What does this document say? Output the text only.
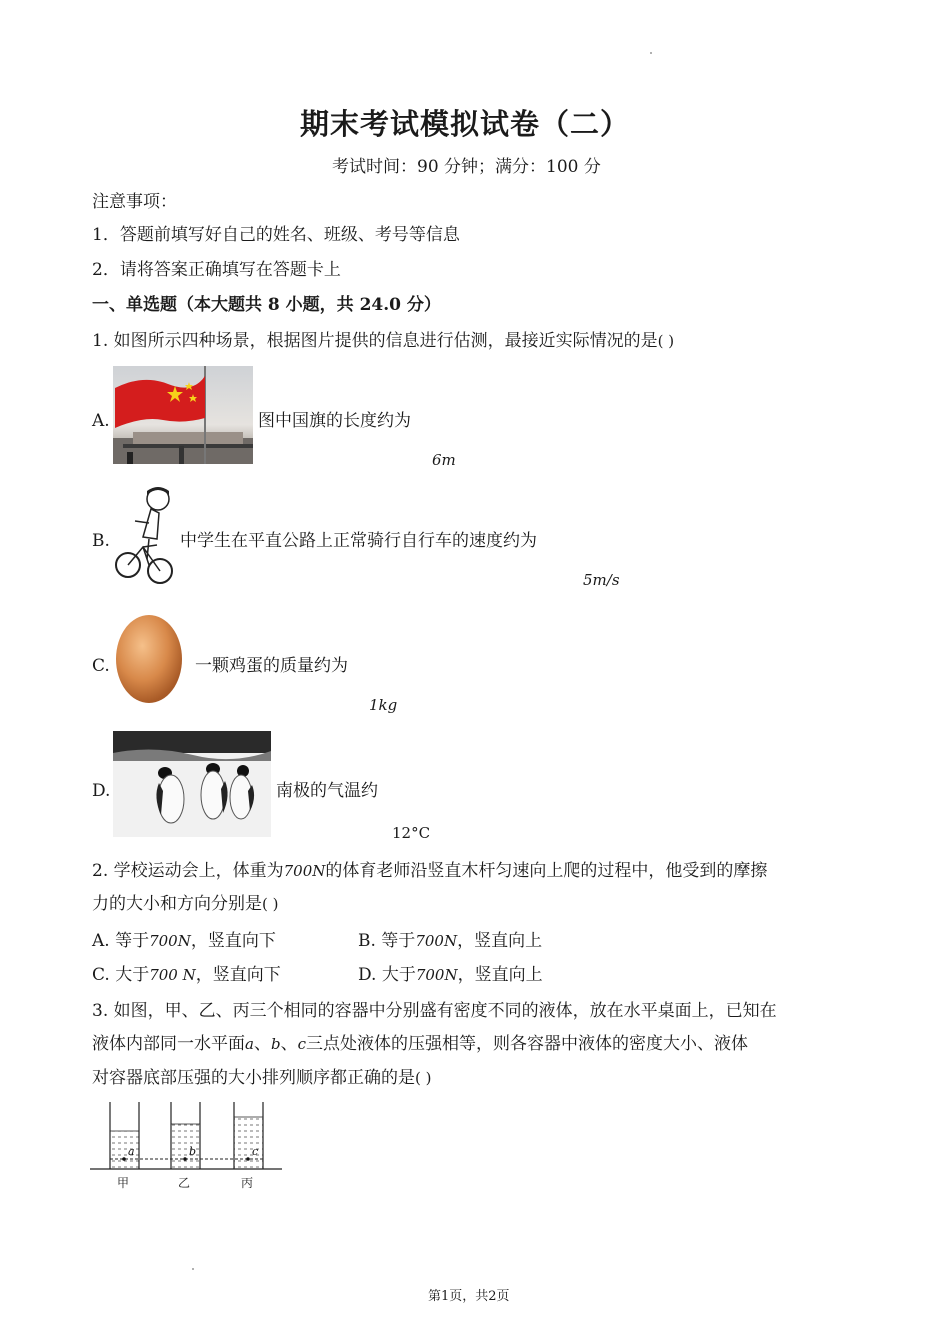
期末考试模拟试卷（二）
考试时间：90 分钟；满分：100 分
注意事项：
1．答题前填写好自己的姓名、班级、考号等信息
2．请将答案正确填写在答题卡上
一、单选题（本大题共 8 小题，共 24.0 分）
1. 如图所示四种场景，根据图片提供的信息进行估测，最接近实际情况的是( )
A.	图中国旗的长度约为
6m
B.	中学生在平直公路上正常骑行自行车的速度约为
5m/s
C.	一颗鸡蛋的质量约为
1kg
D.	南极的气温约
12°C
2. 学校运动会上，体重为700N的体育老师沿竖直木杆匀速向上爬的过程中，他受到的摩擦
力的大小和方向分别是( )
A. 等于700N，竖直向下	B. 等于700N，竖直向上
C. 大于700 N，竖直向下	D. 大于700N，竖直向上
3. 如图，甲、乙、丙三个相同的容器中分别盛有密度不同的液体，放在水平桌面上，已知在
液体内部同一水平面a、b、c三点处液体的压强相等，则各容器中液体的密度大小、液体
对容器底部压强的大小排列顺序都正确的是( )
a	b	c
甲	乙	丙
第1页，共2页
